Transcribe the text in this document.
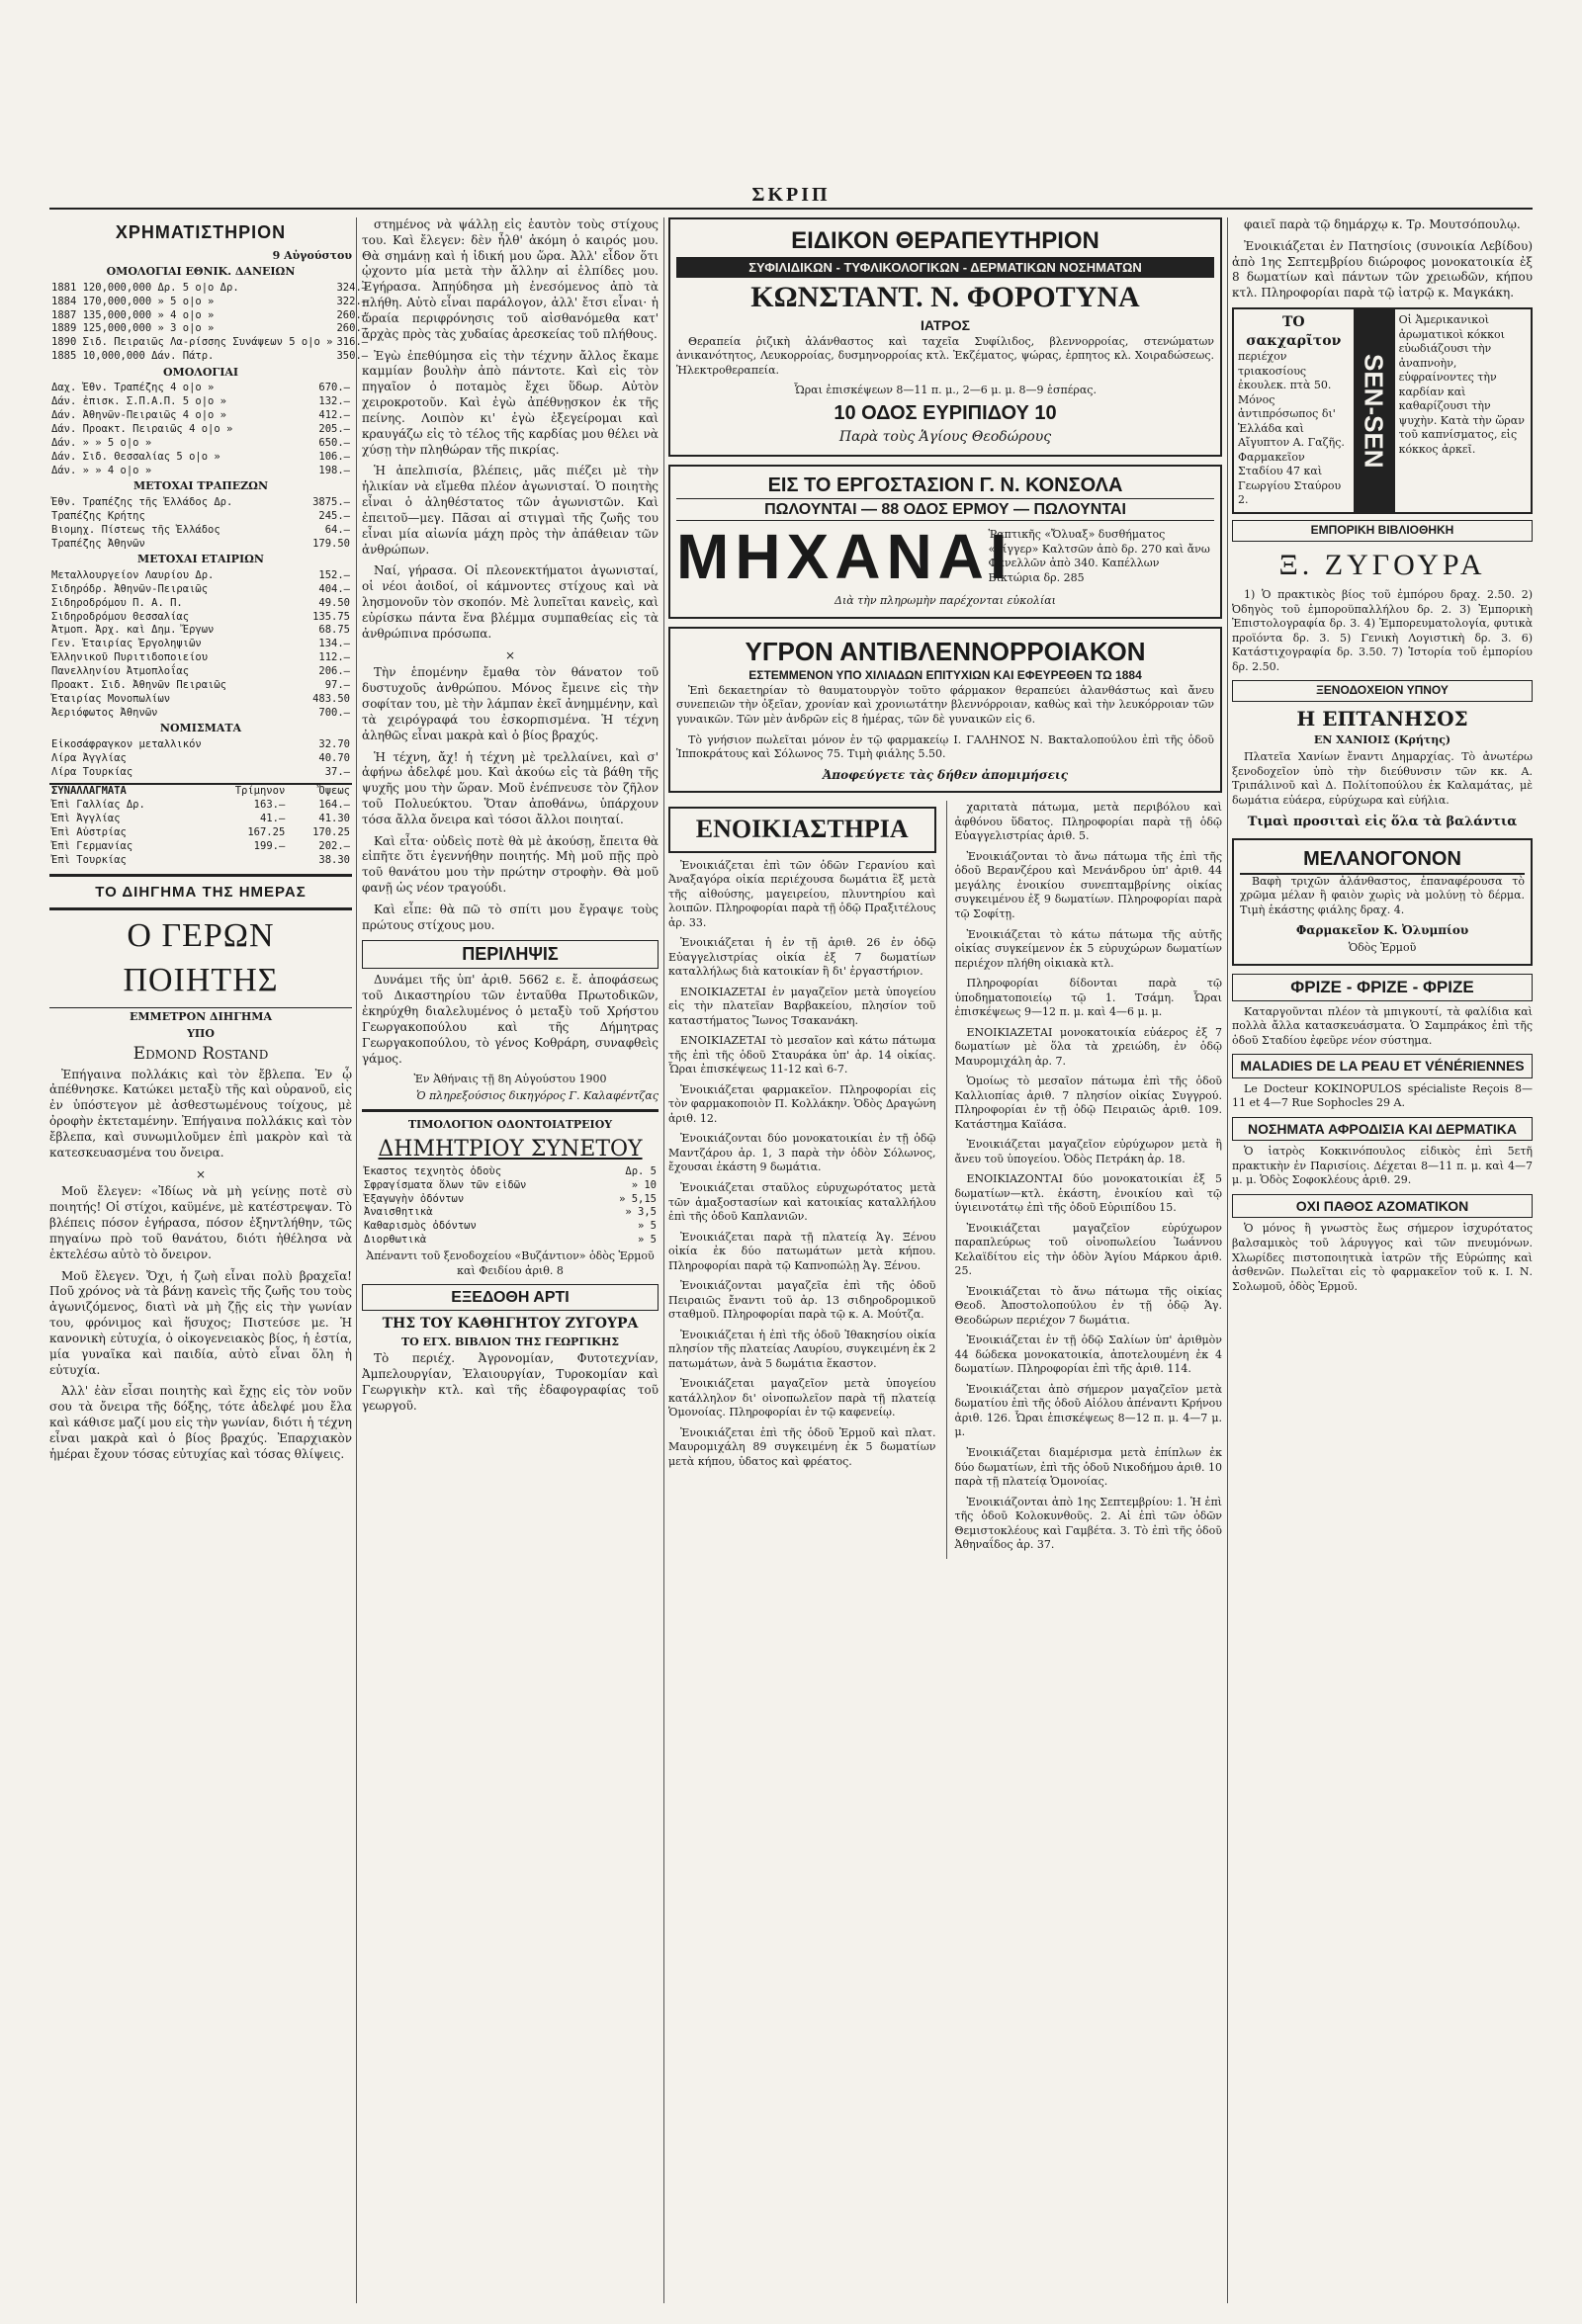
ΣΚΡΙΠ
ΧΡΗΜΑΤΙΣΤΗΡΙΟΝ
9 Αὐγούστου
ΟΜΟΛΟΓΙΑΙ ΕΘΝΙΚ. ΔΑΝΕΙΩΝ
1881 120,000,000 Δρ. 5 ο|ο Δρ.	324.—
1884 170,000,000 » 5 ο|ο »	322.—
1887 135,000,000 » 4 ο|ο »	260.—
1889 125,000,000 » 3 ο|ο »	260.—
1890 Σιδ. Πειραιῶς Λα-ρίσσης Συνάψεων 5 ο|ο »	316.—
1885 10,000,000 Δάν. Πάτρ.	350.—
ΟΜΟΛΟΓΙΑΙ
Δαχ. Ἐθν. Τραπέζης 4 ο|ο »	670.—
Δάν. ἐπισκ. Σ.Π.Α.Π. 5 ο|ο »	132.—
Δάν. Ἀθηνῶν-Πειραιῶς 4 ο|ο »	412.—
Δάν. Προακτ. Πειραιῶς 4 ο|ο »	205.—
Δάν. » » 5 ο|ο »	650.—
Δάν. Σιδ. Θεσσαλίας 5 ο|ο »	106.—
Δάν. » » 4 ο|ο »	198.—
ΜΕΤΟΧΑΙ ΤΡΑΠΕΖΩΝ
Ἐθν. Τραπέζης τῆς Ἑλλάδος Δρ.	3875.—
Τραπέζης Κρήτης	245.—
Βιομηχ. Πίστεως τῆς Ἑλλάδος	64.—
Τραπέζης Ἀθηνῶν	179.50
ΜΕΤΟΧΑΙ ΕΤΑΙΡΙΩΝ
Μεταλλουργείον Λαυρίου Δρ.	152.—
Σιδηρόδρ. Ἀθηνῶν-Πειραιῶς	404.—
Σιδηροδρόμου Π. Α. Π.	49.50
Σιδηροδρόμου Θεσσαλίας	135.75
Ἀτμοπ. Ἀρχ. καὶ Δημ. Ἔργων	68.75
Γεν. Ἑταιρίας Ἐργοληψιῶν	134.—
Ἑλληνικοῦ Πυριτιδοποιείου	112.—
Πανελληνίου Ἀτμοπλοΐας	206.—
Προακτ. Σιδ. Ἀθηνῶν Πειραιῶς	97.—
Ἑταιρίας Μονοπωλίων	483.50
Ἀεριόφωτος Ἀθηνῶν	700.—
ΝΟΜΙΣΜΑΤΑ
Εἰκοσάφραγκον μεταλλικόν	32.70
Λίρα Ἀγγλίας	40.70
Λίρα Τουρκίας	37.—
ΣΥΝΑΛΛΑΓΜΑΤΑ	Τρίμηνον	Ὄψεως
Ἐπὶ Γαλλίας Δρ.	163.—	164.—
Ἐπὶ Ἀγγλίας	41.—	41.30
Ἐπὶ Αὐστρίας	167.25	170.25
Ἐπὶ Γερμανίας	199.—	202.—
Ἐπὶ Τουρκίας		38.30
ΤΟ ΔΙΗΓΗΜΑ ΤΗΣ ΗΜΕΡΑΣ
Ο ΓΕΡΩΝ ΠΟΙΗΤΗΣ
ΕΜΜΕΤΡΟΝ ΔΙΗΓΗΜΑ
ΥΠΟ
Edmond Rostand

Ἐπήγαινα πολλάκις καὶ τὸν ἔβλεπα. Ἐν ᾧ ἀπέθνησκε. Κατώκει μεταξὺ τῆς καὶ οὐρανοῦ, εἰς ἐν ὑπόστεγον μὲ ἀσθεστωμένους τοίχους, μὲ ὀροφὴν ἐκτεταμένην. Ἐπήγαινα πολλάκις καὶ τὸν ἔβλεπα, καὶ συνωμιλοῦμεν ἐπὶ μακρὸν καὶ τὰ κατεσκευασμένα του ὄνειρα.

×

Μοῦ ἔλεγεν: «Ἰδίως νὰ μὴ γείνῃς ποτὲ σὺ ποιητής! Οἱ στίχοι, καϋμένε, μὲ κατέστρεψαν. Τὸ βλέπεις πόσον ἐγήρασα, πόσον ἐξηντλήθην, τῶς πηγαίνω πρὸ τοῦ θανάτου, διότι ἠθέλησα νὰ ἐκτελέσω αὐτὸ τὸ ὄνειρον.

Μοῦ ἔλεγεν. Ὄχι, ἡ ζωὴ εἶναι πολὺ βραχεῖα! Ποῦ χρόνος νὰ τὰ βάνῃ κανεὶς τῆς ζωῆς του τοὺς ἀγωνιζόμενος, διατὶ νὰ μὴ ζῇς εἰς τὴν γωνίαν του, φρόνιμος καὶ ἥσυχος; Πιστεύσε με. Ἡ κανονικὴ εὐτυχία, ὁ οἰκογενειακὸς βίος, ἡ ἑστία, μία γυναῖκα καὶ παιδία, αὐτὸ εἶναι ὅλη ἡ εὐτυχία.

Ἀλλ' ἐὰν εἶσαι ποιητὴς καὶ ἔχῃς εἰς τὸν νοῦν σου τὰ ὄνειρα τῆς δόξης, τότε ἀδελφέ μου ἔλα καὶ κάθισε μαζί μου εἰς τὴν γωνίαν, διότι ἡ τέχνη εἶναι μακρὰ καὶ ὁ βίος βραχύς. Ἐπαρχιακὸν ἡμέραι ἔχουν τόσας εὐτυχίας καὶ τόσας θλίψεις.

στημένος νὰ ψάλλῃ εἰς ἑαυτὸν τοὺς στίχους του. Καὶ ἔλεγεν: δὲν ἦλθ' ἀκόμη ὁ καιρός μου. Θὰ σημάνῃ καὶ ἡ ἰδική μου ὥρα. Ἀλλ' εἶδον ὅτι ᾠχοντο μία μετὰ τὴν ἄλλην αἱ ἐλπίδες μου. Ἐγήρασα. Ἀπηύδησα μὴ ἐνεσόμενος ἀπὸ τὰ πλήθη. Αὐτὸ εἶναι παράλογον, ἀλλ' ἔτσι εἶναι· ἡ ὥραία περιφρόνησις τοῦ αἰσθανόμεθα κατ' ἀρχὰς πρὸς τὰς χυδαίας ἀρεσκείας τοῦ πλήθους.

Ἐγὼ ἐπεθύμησα εἰς τὴν τέχνην ἄλλος ἔκαμε καμμίαν βουλὴν ἀπὸ πάντοτε. Καὶ εἰς τὸν πηγαῖον ὁ ποταμὸς ἔχει ὕδωρ. Αὐτὸν χειροκροτοῦν. Καὶ ἐγὼ ἀπέθνῃσκον ἐκ τῆς πείνης. Λοιπὸν κι' ἐγὼ ἐξεγείρομαι καὶ κραυγάζω εἰς τὸ τέλος τῆς καρδίας μου θέλει νὰ χύσῃ τὴν πληθώραν τῆς πικρίας.

Ἡ ἀπελπισία, βλέπεις, μᾶς πιέζει μὲ τὴν ἡλικίαν νὰ εἴμεθα πλέον ἀγωνισταί. Ὁ ποιητὴς εἶναι ὁ ἀληθέστατος τῶν ἀγωνιστῶν. Καὶ ἐπειτοῦ—μεγ. Πᾶσαι αἱ στιγμαὶ τῆς ζωῆς του εἶναι μία αἰωνία μάχη πρὸς τὴν ἀπάθειαν τῶν ἀνθρώπων.

Ναί, γήρασα. Οἱ πλεονεκτήματοι ἀγωνισταί, οἱ νέοι ἀοιδοί, οἱ κάμνοντες στίχους καὶ νὰ λησμονοῦν τὸν σκοπόν. Μὲ λυπεῖται κανεὶς, καὶ εὐρίσκω πάντα ἕνα βλέμμα συμπαθείας εἰς τὰ ἀνθρώπινα πρόσωπα.

×

Τὴν ἑπομένην ἔμαθα τὸν θάνατον τοῦ δυστυχοῦς ἀνθρώπου. Μόνος ἔμεινε εἰς τὴν σοφίταν του, μὲ τὴν λάμπαν ἐκεῖ ἀνημμένην, καὶ τὰ χειρόγραφά του ἐσκορπισμένα. Ἡ τέχνη ἀληθῶς εἶναι μακρὰ καὶ ὁ βίος βραχύς.

Ἡ τέχνη, ἄχ! ἡ τέχνη μὲ τρελλαίνει, καὶ σ' ἀφήνω ἀδελφέ μου. Καὶ ἀκούω εἰς τὰ βάθη τῆς ψυχῆς μου τὴν ὥραν. Μοῦ ἐνέπνευσε τὸν ζῆλον τοῦ Πολυεύκτου. Ὅταν ἀποθάνω, ὑπάρχουν τόσα ἄλλα ὄνειρα καὶ τόσοι ἄλλοι ποιηταί.

Καὶ εἶτα· οὐδεὶς ποτὲ θὰ μὲ ἀκούσῃ, ἔπειτα θὰ εἰπῆτε ὅτι ἐγεννήθην ποιητής. Μὴ μοῦ πῇς πρὸ τοῦ θανάτου μου τὴν πρώτην στροφὴν. Θὰ μοῦ φανῇ ὡς νέον τραγούδι.

Καὶ εἶπε: θὰ πῶ τὸ σπίτι μου ἔγραψε τοὺς πρώτους στίχους μου.

ΠΕΡΙΛΗΨΙΣ

Δυνάμει τῆς ὑπ' ἀριθ. 5662 ε. ἔ. ἀποφάσεως τοῦ Δικαστηρίου τῶν ἐνταῦθα Πρωτοδικῶν, ἐκηρύχθη διαλελυμένος ὁ μεταξὺ τοῦ Χρήστου Γεωργακοπούλου καὶ τῆς Δήμητρας Γεωργακοπούλου, τὸ γένος Κοθράρη, συναφθεὶς γάμος.

Ἐν Ἀθήναις τῇ 8η Αὐγούστου 1900
Ὁ πληρεξούσιος δικηγόρος Γ. Καλαφέντζας
ΤΙΜΟΛΟΓΙΟΝ ΟΔΟΝΤΟΙΑΤΡΕΙΟΥ
ΔΗΜΗΤΡΙΟΥ ΣΥΝΕΤΟΥ
Ἐκαστος τεχνητὸς ὀδοὺς	Δρ. 5
Σφραγίσματα ὅλων τῶν εἰδῶν	» 10
Ἐξαγωγὴν ὀδόντων	» 5,15
Ἀναισθητικὰ	» 3,5
Καθαρισμὸς ὀδόντων	» 5
Διορθωτικὰ	» 5
Ἀπέναντι τοῦ ξενοδοχείου «Βυζάντιον» ὁδὸς Ἑρμοῦ καὶ Φειδίου ἀριθ. 8
ΕΞΕΔΟΘΗ ΑΡΤΙ
ΤΗΣ ΤΟΥ ΚΑΘΗΓΗΤΟΥ ΖΥΓΟΥΡΑ
ΤΟ ΕΓΧ. ΒΙΒΛΙΟΝ ΤΗΣ ΓΕΩΡΓΙΚΗΣ

Τὸ περιέχ. Ἀγρονομίαν, Φυτοτεχνίαν, Ἀμπελουργίαν, Ἐλαιουργίαν, Τυροκομίαν καὶ Γεωργικὴν κτλ. καὶ τῆς ἐδαφογραφίας τοῦ γεωργοῦ.

ΕΙΔΙΚΟΝ ΘΕΡΑΠΕΥΤΗΡΙΟΝ
ΣΥΦΙΛΙΔΙΚΩΝ - ΤΥΦΛΙΚΟΛΟΓΙΚΩΝ - ΔΕΡΜΑΤΙΚΩΝ ΝΟΣΗΜΑΤΩΝ
ΚΩΝΣΤΑΝΤ. Ν. ΦΟΡΟΤΥΝΑ
ΙΑΤΡΟΣ

Θεραπεία ῥιζικὴ ἀλάνθαστος καὶ ταχεῖα Συφίλιδος, βλεννορροίας, στενώματων ἀνικανότητος, Λευκορροίας, δυσμηνορροίας κτλ. Ἐκζέματος, ψώρας, ἑρπητος κλ. Χοιραδώσεως. Ἡλεκτροθεραπεία.

Ὧραι ἐπισκέψεων 8—11 π. μ., 2—6 μ. μ. 8—9 ἑσπέρας.
10 ΟΔΟΣ ΕΥΡΙΠΙΔΟΥ 10
Παρὰ τοὺς Ἁγίους Θεοδώρους
ΕΙΣ ΤΟ ΕΡΓΟΣΤΑΣΙΟΝ Γ. Ν. ΚΟΝΣΟΛΑ
ΠΩΛΟΥΝΤΑΙ — 88 ΟΔΟΣ ΕΡΜΟΥ — ΠΩΛΟΥΝΤΑΙ
ΜΗΧΑΝΑΙ
Ῥαπτικῆς «Ὄλυαξ» δυσθήματος «Σίγγερ» Καλτσῶν ἀπὸ δρ. 270 καὶ ἄνω Φανελλῶν ἀπὸ 340. Καπέλλων Βικτώρια δρ. 285
Διὰ τὴν πληρωμὴν παρέχονται εὐκολίαι
ΥΓΡΟΝ ΑΝΤΙΒΛΕΝΝΟΡΡΟΙΑΚΟΝ
ΕΣΤΕΜΜΕΝΟΝ ΥΠΟ ΧΙΛΙΑΔΩΝ ΕΠΙΤΥΧΙΩΝ ΚΑΙ ΕΦΕΥΡΕΘΕΝ ΤΩ 1884

Ἐπὶ δεκαετηρίαν τὸ θαυματουργὸν τοῦτο φάρμακον θεραπεύει ἀλανθάστως καὶ ἄνευ συνεπειῶν τὴν ὀξεῖαν, χρονίαν καὶ χρονιωτάτην βλεννόρροιαν, καθὼς καὶ τὴν λευκόρροιαν τῶν γυναικῶν. Τῶν μὲν ἀνδρῶν εἰς 8 ἡμέρας, τῶν δὲ γυναικῶν εἰς 6.

Τὸ γνήσιον πωλεῖται μόνον ἐν τῷ φαρμακείῳ Ι. ΓΑΛΗΝΟΣ Ν. Βακταλοπούλου ἐπὶ τῆς ὁδοῦ Ἱπποκράτους καὶ Σόλωνος 75. Τιμὴ φιάλης 5.50.

Ἀποφεύγετε τὰς δήθεν ἀπομιμήσεις
ΕΝΟΙΚΙΑΣΤΗΡΙΑ

Ἐνοικιάζεται ἐπὶ τῶν ὁδῶν Γερανίου καὶ Ἀναξαγόρα οἰκία περιέχουσα δωμάτια ἓξ μετὰ τῆς αἰθούσης, μαγειρείου, πλυντηρίου καὶ λοιπῶν. Πληροφορίαι παρὰ τῇ ὁδῷ Πραξιτέλους ἀρ. 33.

Ἐνοικιάζεται ἡ ἐν τῇ ἀριθ. 26 ἐν ὁδῷ Εὐαγγελιστρίας οἰκία ἐξ 7 δωματίων καταλλήλως διὰ κατοικίαν ἢ δι' ἐργαστήριον.

ΕΝΟΙΚΙΑΖΕΤΑΙ ἐν μαγαζεῖον μετὰ ὑπογείου εἰς τὴν πλατεῖαν Βαρβακείου, πλησίον τοῦ καταστήματος Ἴωνος Τσακανάκη.

ΕΝΟΙΚΙΑΖΕΤΑΙ τὸ μεσαῖον καὶ κάτω πάτωμα τῆς ἐπὶ τῆς ὁδοῦ Σταυράκα ὑπ' ἀρ. 14 οἰκίας. Ὧραι ἐπισκέψεως 11-12 καὶ 6-7.

Ἐνοικιάζεται φαρμακεῖον. Πληροφορίαι εἰς τὸν φαρμακοποιὸν Π. Κολλάκην. Ὁδὸς Δραγώνη ἀριθ. 12.

Ἐνοικιάζονται δύο μονοκατοικίαι ἐν τῇ ὁδῷ Μαντζάρου ἀρ. 1, 3 παρὰ τὴν ὁδὸν Σόλωνος, ἔχουσαι ἑκάστη 9 δωμάτια.

Ἐνοικιάζεται σταῦλος εὐρυχωρότατος μετὰ τῶν ἀμαξοστασίων καὶ κατοικίας καταλλήλου ἐπὶ τῆς ὁδοῦ Καπλανιῶν.

Ἐνοικιάζεται παρὰ τῇ πλατείᾳ Ἁγ. Ξένου οἰκία ἐκ δύο πατωμάτων μετὰ κήπου. Πληροφορίαι παρὰ τῷ Καπνοπώλῃ Ἁγ. Ξένου.

Ἐνοικιάζονται μαγαζεῖα ἐπὶ τῆς ὁδοῦ Πειραιῶς ἔναντι τοῦ ἀρ. 13 σιδηροδρομικοῦ σταθμοῦ. Πληροφορίαι παρὰ τῷ κ. Α. Μούτζα.

Ἐνοικιάζεται ἡ ἐπὶ τῆς ὁδοῦ Ἰθακησίου οἰκία πλησίον τῆς πλατείας Λαυρίου, συγκειμένη ἐκ 2 πατωμάτων, ἀνὰ 5 δωμάτια ἕκαστον.

Ἐνοικιάζεται μαγαζεῖον μετὰ ὑπογείου κατάλληλον δι' οἰνοπωλεῖον παρὰ τῇ πλατείᾳ Ὁμονοίας. Πληροφορίαι ἐν τῷ καφενείῳ.

Ἐνοικιάζεται ἐπὶ τῆς ὁδοῦ Ἐρμοῦ καὶ πλατ. Μαυρομιχάλη 89 συγκειμένη ἐκ 5 δωματίων μετὰ κήπου, ὑδατος καὶ φρέατος.

χαριτατὰ πάτωμα, μετὰ περιβόλου καὶ ἀφθόνου ὕδατος. Πληροφορίαι παρὰ τῇ ὁδῷ Εὐαγγελιστρίας ἀριθ. 5.

Ἐνοικιάζονται τὸ ἄνω πάτωμα τῆς ἐπὶ τῆς ὁδοῦ Βερανζέρου καὶ Μενάνδρου ὑπ' ἀριθ. 44 μεγάλης ἐνοικίου συνεπταμβρίνης οἰκίας συγκειμένου ἐξ 9 δωματίων. Πληροφορίαι παρὰ τῷ Σοφίτῃ.

Ἐνοικιάζεται τὸ κάτω πάτωμα τῆς αὐτῆς οἰκίας συγκείμενον ἐκ 5 εὐρυχώρων δωματίων περιέχον πλήθη οἰκιακὰ κτλ.

Πληροφορίαι δίδονται παρὰ τῷ ὑποδηματοποιείῳ τῷ 1. Τσάμη. Ὧραι ἐπισκέψεως 9—12 π. μ. καὶ 4—6 μ. μ.

ΕΝΟΙΚΙΑΖΕΤΑΙ μονοκατοικία εὐάερος ἐξ 7 δωματίων μὲ ὅλα τὰ χρειώδη, ἐν ὁδῷ Μαυρομιχάλη ἀρ. 7.

Ὁμοίως τὸ μεσαῖον πάτωμα ἐπὶ τῆς ὁδοῦ Καλλιοπίας ἀριθ. 7 πλησίον οἰκίας Συγγρού. Πληροφορίαι ἐν τῇ ὁδῷ Πειραιῶς ἀριθ. 109. Κατάστημα Καϊάσα.

Ἐνοικιάζεται μαγαζεῖον εὐρύχωρον μετὰ ἢ ἄνευ τοῦ ὑπογείου. Ὁδὸς Πετράκη ἀρ. 18.

ΕΝΟΙΚΙΑΖΟΝΤΑΙ δύο μονοκατοικίαι ἐξ 5 δωματίων—κτλ. ἑκάστη, ἐνοικίου καὶ τῷ ὑγιεινοτάτῳ ἐπὶ τῆς ὁδοῦ Εὐριπίδου 15.

Ἐνοικιάζεται μαγαζεῖον εὐρύχωρον παραπλεύρως τοῦ οἰνοπωλείου Ἰωάννου Κελαϊδίτου εἰς τὴν ὁδὸν Ἁγίου Μάρκου ἀριθ. 25.

Ἐνοικιάζεται τὸ ἄνω πάτωμα τῆς οἰκίας Θεοδ. Ἀποστολοπούλου ἐν τῇ ὁδῷ Ἁγ. Θεοδώρων περιέχον 7 δωμάτια.

Ἐνοικιάζεται ἐν τῇ ὁδῷ Σαλίων ὑπ' ἀριθμὸν 44 δώδεκα μονοκατοικία, ἀποτελουμένη ἐκ 4 δωματίων. Πληροφορίαι ἐπὶ τῆς ἀριθ. 114.

Ἐνοικιάζεται ἀπὸ σήμερον μαγαζεῖον μετὰ δωματίου ἐπὶ τῆς ὁδοῦ Αἰόλου ἀπέναντι Κρήνου ἀριθ. 126. Ὧραι ἐπισκέψεως 8—12 π. μ. 4—7 μ. μ.

Ἐνοικιάζεται διαμέρισμα μετὰ ἐπίπλων ἐκ δύο δωματίων, ἐπὶ τῆς ὁδοῦ Νικοδήμου ἀριθ. 10 παρὰ τῇ πλατείᾳ Ὁμονοίας.

Ἐνοικιάζονται ἀπὸ 1ης Σεπτεμβρίου: 1. Ἡ ἐπὶ τῆς ὁδοῦ Κολοκυνθοῦς. 2. Αἱ ἐπὶ τῶν ὁδῶν Θεμιστοκλέους καὶ Γαμβέτα. 3. Τὸ ἐπὶ τῆς ὁδοῦ Ἀθηναΐδος ἀρ. 37.

φαιεῖ παρὰ τῷ δημάρχῳ κ. Τρ. Μουτσόπουλῳ.

Ἐνοικιάζεται ἐν Πατησίοις (συνοικία Λεβίδου) ἀπὸ 1ης Σεπτεμβρίου διώροφος μονοκατοικία ἐξ 8 δωματίων καὶ πάντων τῶν χρειωδῶν, κήπου κτλ. Πληροφορίαι παρὰ τῷ ἰατρῷ κ. Μαγκάκη.

ΤΟ σακχαρῖτον
περιέχον τριακοσίους ἐκουλεκ. πτὰ 50. Μόνος ἀντιπρόσωπος δι' Ἑλλάδα καὶ Αἴγυπτον Α. Γαζῆς. Φαρμακεῖον Σταδίου 47 καὶ Γεωργίου Σταύρου 2.
SEN-SEN
Οἱ Ἀμερικανικοὶ ἀρωματικοὶ κόκκοι εὐωδιάζουσι τὴν ἀναπνοὴν, εὐφραίνοντες τὴν καρδίαν καὶ καθαρίζουσι τὴν ψυχὴν. Κατὰ τὴν ὥραν τοῦ καπνίσματος, εἰς κόκκος ἀρκεῖ.
ΕΜΠΟΡΙΚΗ ΒΙΒΛΙΟΘΗΚΗ
Ξ. ΖΥΓΟΥΡΑ

1) Ὁ πρακτικὸς βίος τοῦ ἐμπόρου δραχ. 2.50. 2) Ὀδηγὸς τοῦ ἐμποροϋπαλλήλου δρ. 2. 3) Ἐμπορικὴ Ἐπιστολογραφία δρ. 3. 4) Ἐμπορευματολογία, φυτικὰ προϊόντα δρ. 3. 5) Γενικὴ Λογιστικὴ δρ. 3. 6) Κατάστιχογραφία δρ. 3.50. 7) Ἱστορία τοῦ ἐμπορίου δρ. 2.50.

ΞΕΝΟΔΟΧΕΙΟΝ ΥΠΝΟΥ
Η ΕΠΤΑΝΗΣΟΣ
ΕΝ ΧΑΝΙΟΙΣ (Κρήτης)

Πλατεῖα Χανίων ἔναντι Δημαρχίας. Τὸ ἀνωτέρω ξενοδοχεῖον ὑπὸ τὴν διεύθυνσιν τῶν κκ. Α. Τριπάλινοῦ καὶ Δ. Πολίτοπούλου ἐκ Καλαμάτας, μὲ δωμάτια εὐάερα, εὐρύχωρα καὶ εὐήλια.

Τιμαὶ προσιταὶ εἰς ὅλα τὰ βαλάντια
ΜΕΛΑΝΟΓΟΝΟΝ

Βαφὴ τριχῶν ἀλάνθαστος, ἐπαναφέρουσα τὸ χρῶμα μέλαν ἢ φαιὸν χωρὶς νὰ μολύνῃ τὸ δέρμα. Τιμὴ ἑκάστης φιάλης δραχ. 4.

Φαρμακεῖον Κ. Ὀλυμπίου
Ὁδὸς Ἑρμοῦ
ΦΡΙΖΕ - ΦΡΙΖΕ - ΦΡΙΖΕ

Καταργοῦνται πλέον τὰ μπιγκουτί, τὰ φαλίδια καὶ πολλὰ ἄλλα κατασκευάσματα. Ὁ Σαμπράκος ἐπὶ τῆς ὁδοῦ Σταδίου ἐφεῦρε νέον σύστημα.

MALADIES DE LA PEAU ET VÉNÉRIENNES

Le Docteur KOKINOPULOS spécialiste Reçois 8—11 et 4—7 Rue Sophocles 29 A.

ΝΟΣΗΜΑΤΑ ΑΦΡΟΔΙΣΙΑ ΚΑΙ ΔΕΡΜΑΤΙΚΑ

Ὁ ἰατρὸς Κοκκινόπουλος εἰδικὸς ἐπὶ 5ετῆ πρακτικὴν ἐν Παρισίοις. Δέχεται 8—11 π. μ. καὶ 4—7 μ. μ. Ὁδὸς Σοφοκλέους ἀριθ. 29.

ΟΧΙ ΠΑΘΟΣ ΑΖΟΜΑΤΙΚΟΝ

Ὁ μόνος ἢ γνωστὸς ἔως σήμερον ἰσχυρότατος βαλσαμικὸς τοῦ λάρυγγος καὶ τῶν πνευμόνων. Χλωρίδες πιστοποιητικὰ ἰατρῶν τῆς Εὐρώπης καὶ ἀσθενῶν. Πωλεῖται εἰς τὸ φαρμακεῖον τοῦ κ. Ι. Ν. Σολωμοῦ, ὁδὸς Ἑρμοῦ.
